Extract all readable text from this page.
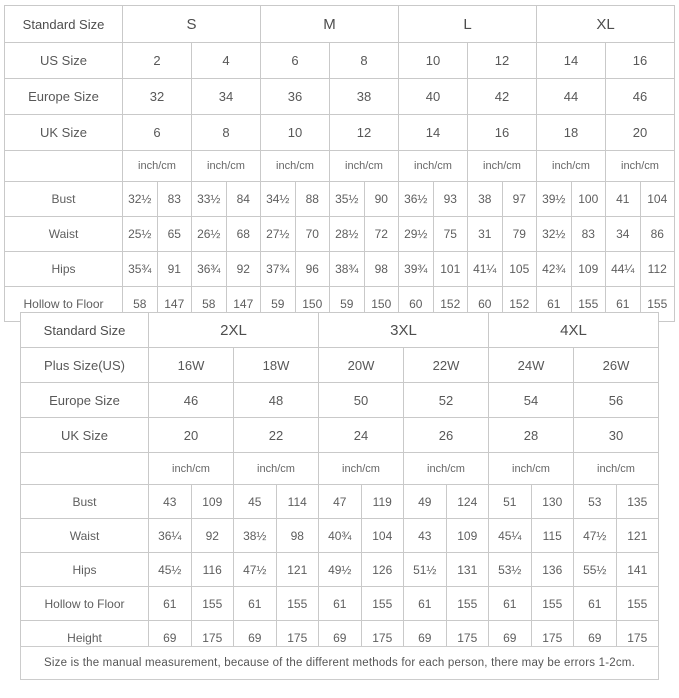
Standard Size	S				M				L				XL			
US Size	2		4		6		8		10		12		14		16	
Europe Size	32		34		36		38		40		42		44		46	
UK Size	6		8		10		12		14		16		18		20	
	inch/cm		inch/cm		inch/cm		inch/cm		inch/cm		inch/cm		inch/cm		inch/cm	
Bust	32½	83	33½	84	34½	88	35½	90	36½	93	38	97	39½	100	41	104
Waist	25½	65	26½	68	27½	70	28½	72	29½	75	31	79	32½	83	34	86
Hips	35¾	91	36¾	92	37¾	96	38¾	98	39¾	101	41¼	105	42¾	109	44¼	112
Hollow to Floor	58	147	58	147	59	150	59	150	60	152	60	152	61	155	61	155
Standard Size	2XL				3XL				4XL			
Plus Size(US)	16W		18W		20W		22W		24W		26W	
Europe Size	46		48		50		52		54		56	
UK Size	20		22		24		26		28		30	
	inch/cm		inch/cm		inch/cm		inch/cm		inch/cm		inch/cm	
Bust	43	109	45	114	47	119	49	124	51	130	53	135
Waist	36¼	92	38½	98	40¾	104	43	109	45¼	115	47½	121
Hips	45½	116	47½	121	49½	126	51½	131	53½	136	55½	141
Hollow to Floor	61	155	61	155	61	155	61	155	61	155	61	155
Height	69	175	69	175	69	175	69	175	69	175	69	175
Size is the manual measurement, because of the different methods for each person, there may be errors 1-2cm.
